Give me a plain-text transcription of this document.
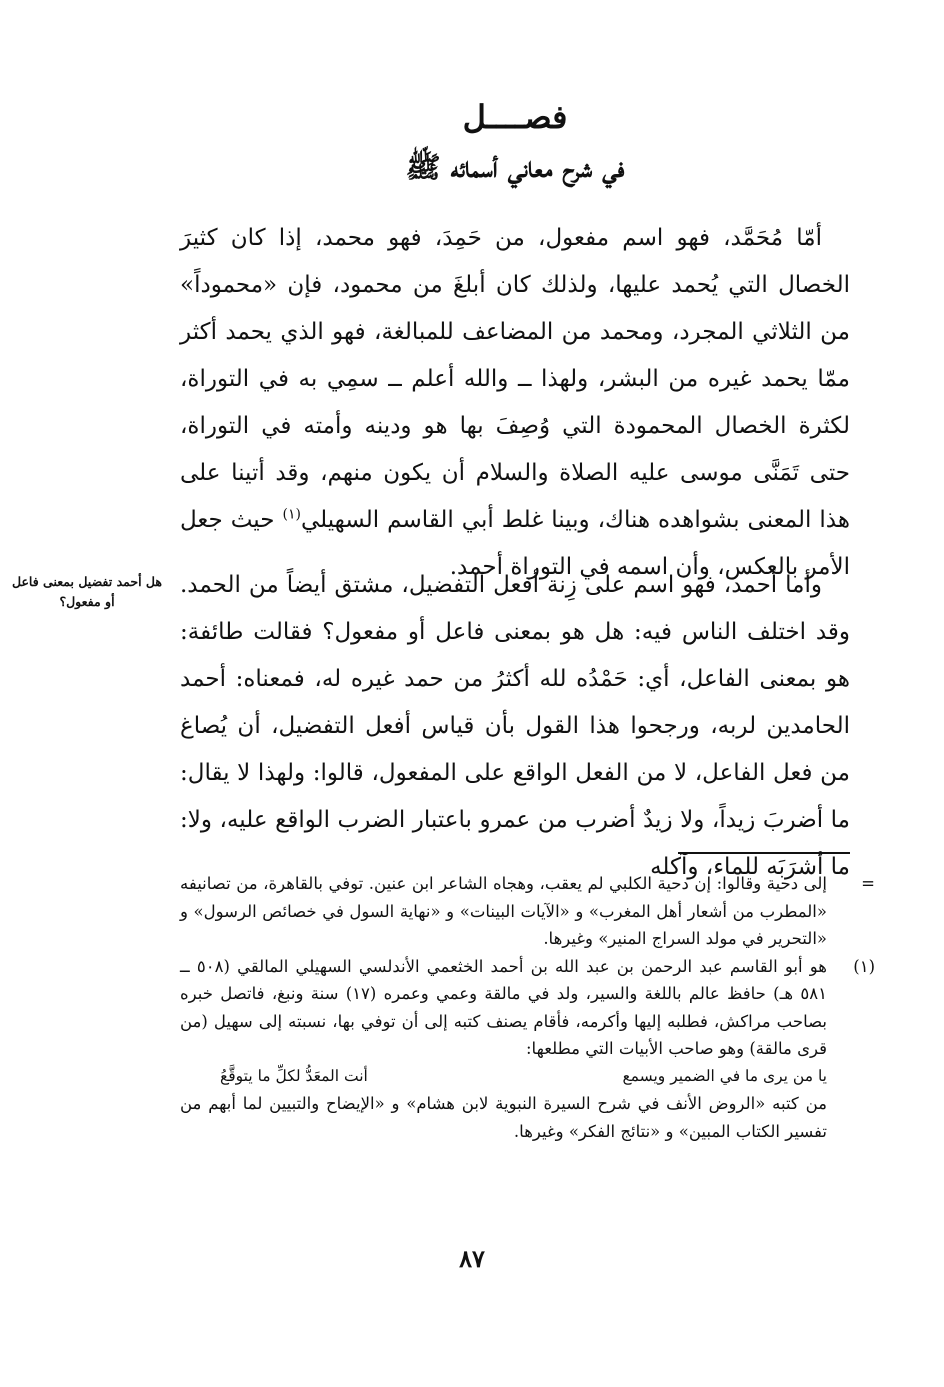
فصــــل
في شرح معاني أسمائه ﷺ

أمّا مُحَمَّد، فهو اسم مفعول، من حَمِدَ، فهو محمد، إذا كان كثيرَ الخصال التي يُحمد عليها، ولذلك كان أبلغَ من محمود، فإن «محموداً» من الثلاثي المجرد، ومحمد من المضاعف للمبالغة، فهو الذي يحمد أكثر ممّا يحمد غيره من البشر، ولهذا ــ والله أعلم ــ سمِي به في التوراة، لكثرة الخصال المحمودة التي وُصِفَ بها هو ودينه وأمته في التوراة، حتى تَمَنَّى موسى عليه الصلاة والسلام أن يكون منهم، وقد أتينا على هذا المعنى بشواهده هناك، وبينا غلط أبي القاسم السهيلي$^{(١)}$ حيث جعل الأمر بالعكس، وأن اسمه في التوراة أحمد.

هل أحمد تفضيل بمعنى فاعل أو مفعول؟

وأما أحمد، فهو اسم على زِنة أفعل التفضيل، مشتق أيضاً من الحمد. وقد اختلف الناس فيه: هل هو بمعنى فاعل أو مفعول؟ فقالت طائفة: هو بمعنى الفاعل، أي: حَمْدُه لله أكثرُ من حمد غيره له، فمعناه: أحمد الحامدين لربه، ورجحوا هذا القول بأن قياس أفعل التفضيل، أن يُصاغ من فعل الفاعل، لا من الفعل الواقع على المفعول، قالوا: ولهذا لا يقال: ما أضربَ زيداً، ولا زيدٌ أضرب من عمرو باعتبار الضرب الواقع عليه، ولا: ما أشرَبَه للماء، وآكله

=
إلى دحية وقالوا: إن دحية الكلبي لم يعقب، وهجاه الشاعر ابن عنين. توفي بالقاهرة، من تصانيفه «المطرب من أشعار أهل المغرب» و «الآيات البينات» و «نهاية السول في خصائص الرسول» و «التحرير في مولد السراج المنير» وغيرها.
(١)
هو أبو القاسم عبد الرحمن بن عبد الله بن أحمد الخثعمي الأندلسي السهيلي المالقي (٥٠٨ ــ ٥٨١ هـ) حافظ عالم باللغة والسير، ولد في مالقة وعمي وعمره (١٧) سنة ونبغ، فاتصل خبره بصاحب مراكش، فطلبه إليها وأكرمه، فأقام يصنف كتبه إلى أن توفي بها، نسبته إلى سهيل (من قرى مالقة) وهو صاحب الأبيات التي مطلعها:
يا من يرى ما في الضمير ويسمع
أنت المعَدُّ لكلِّ ما يتوقَّعُ
من كتبه «الروض الأنف في شرح السيرة النبوية لابن هشام» و «الإيضاح والتبيين لما أبهم من تفسير الكتاب المبين» و «نتائج الفكر» وغيرها.
٨٧
